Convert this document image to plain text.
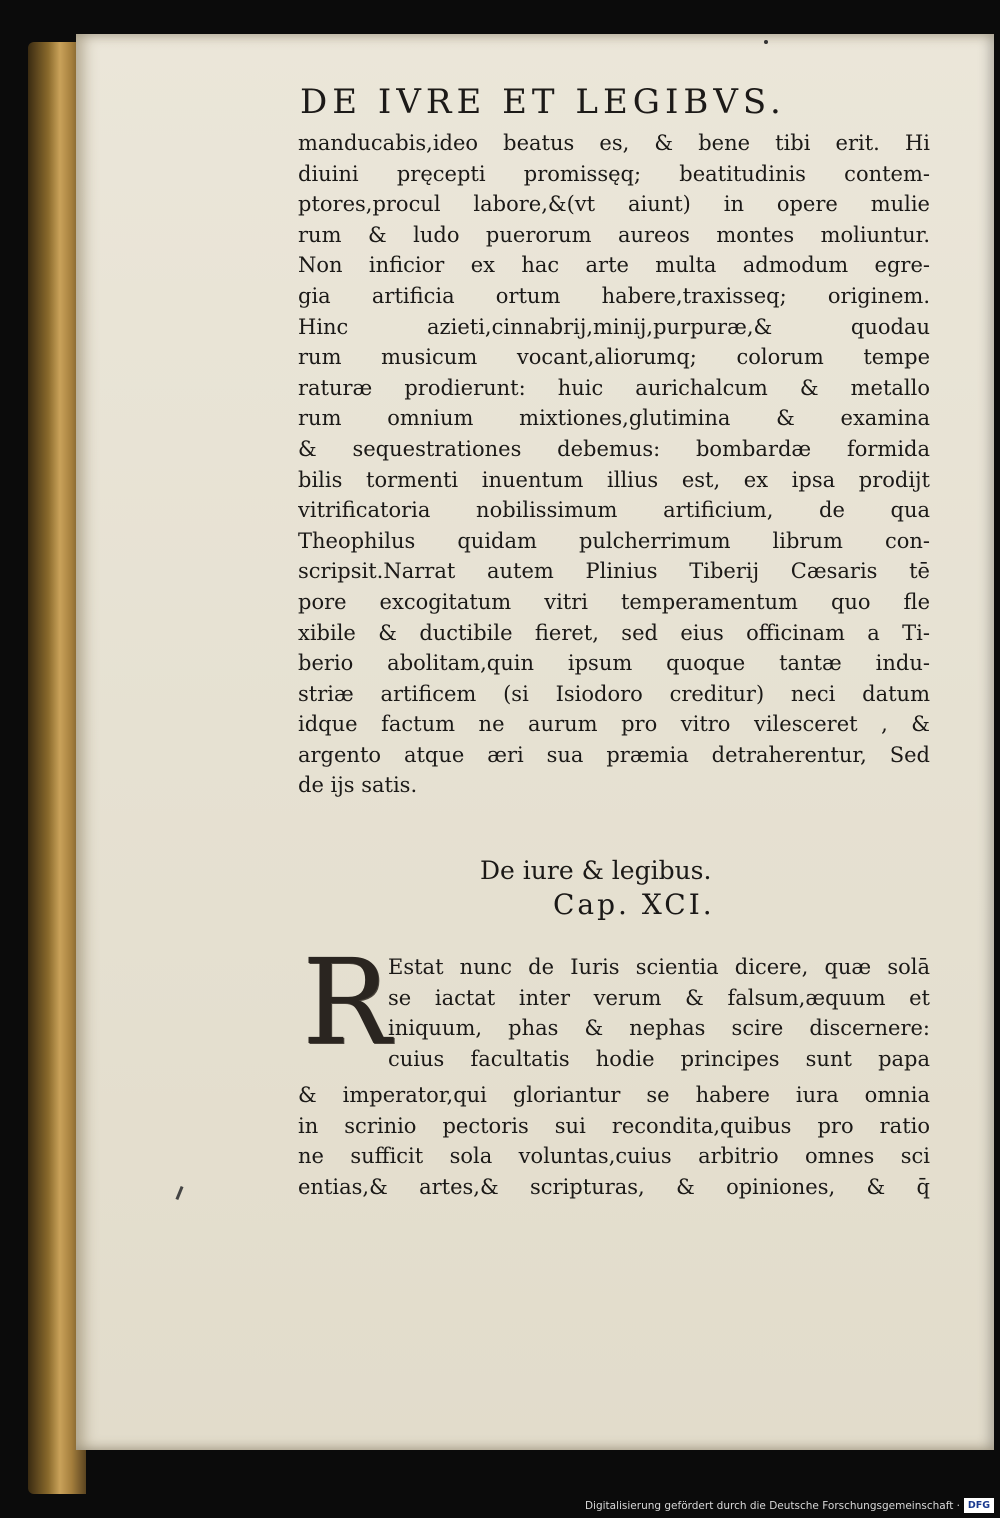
DE IVRE ET LEGIBVS.
manducabis,ideo beatus es, & bene tibi erit. Hi
diuini pręcepti promissęq; beatitudinis contem-
ptores,procul labore,&(vt aiunt) in opere mulie
rum & ludo puerorum aureos montes moliuntur.
Non inficior ex hac arte multa admodum egre-
gia artificia ortum habere,traxisseq; originem.
Hinc azieti,cinnabrij,minij,purpuræ,& quodau
rum musicum vocant,aliorumq; colorum tempe
raturæ prodierunt: huic aurichalcum & metallo
rum omnium mixtiones,glutimina & examina
& sequestrationes debemus: bombardæ formida
bilis tormenti inuentum illius est, ex ipsa prodijt
vitrificatoria nobilissimum artificium, de qua
Theophilus quidam pulcherrimum librum con-
scripsit.Narrat autem Plinius Tiberij Cæsaris tē
pore excogitatum vitri temperamentum quo fle
xibile & ductibile fieret, sed eius officinam a Ti-
berio abolitam,quin ipsum quoque tantæ indu-
striæ artificem (si Isiodoro creditur) neci datum
idque factum ne aurum pro vitro vilesceret , &
argento atque æri sua præmia detraherentur, Sed
de ijs satis.
De iure & legibus.
Cap. XCI.
R
Estat nunc de Iuris scientia dicere, quæ solā
se iactat inter verum & falsum,æquum et
iniquum, phas & nephas scire discernere:
cuius facultatis hodie principes sunt papa
& imperator,qui gloriantur se habere iura omnia
in scrinio pectoris sui recondita,quibus pro ratio
ne sufficit sola voluntas,cuius arbitrio omnes sci
entias,& artes,& scripturas, & opiniones, & q̄
Digitalisierung gefördert durch die Deutsche Forschungsgemeinschaft · DFG
